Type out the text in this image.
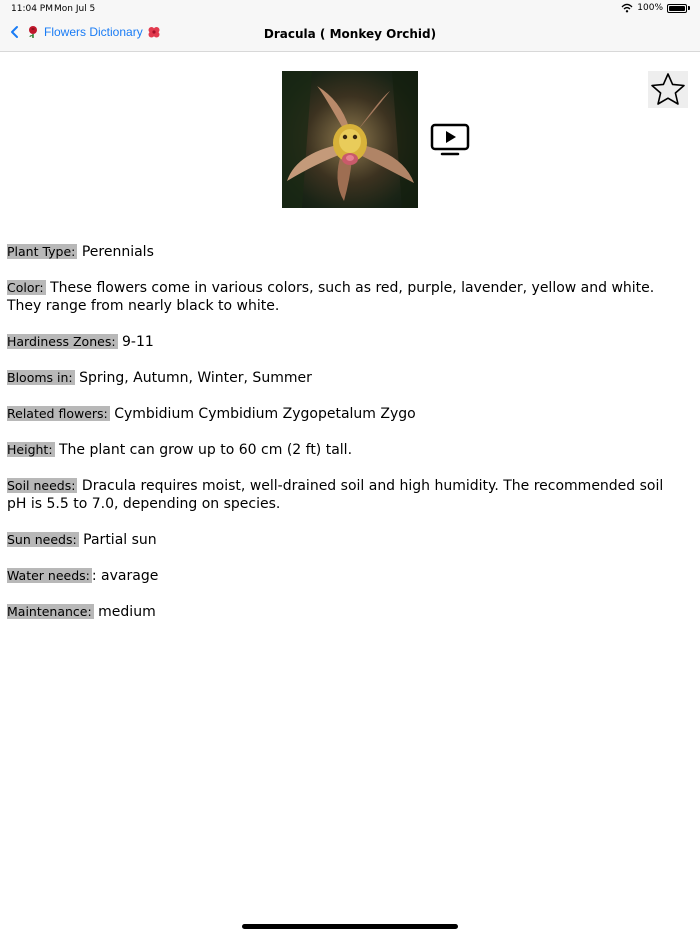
11:04 PM Mon Jul 5	100%
Flowers Dictionary	Dracula ( Monkey Orchid)
Plant Type: Perennials
Color: These flowers come in various colors, such as red, purple, lavender, yellow and white. They range from nearly black to white.
Hardiness Zones: 9-11
Blooms in: Spring, Autumn, Winter, Summer
Related flowers: Cymbidium Cymbidium Zygopetalum Zygo
Height: The plant can grow up to 60 cm (2 ft) tall.
Soil needs: Dracula requires moist, well-drained soil and high humidity. The recommended soil pH is 5.5 to 7.0, depending on species.
Sun needs: Partial sun
Water needs: : avarage
Maintenance: medium
